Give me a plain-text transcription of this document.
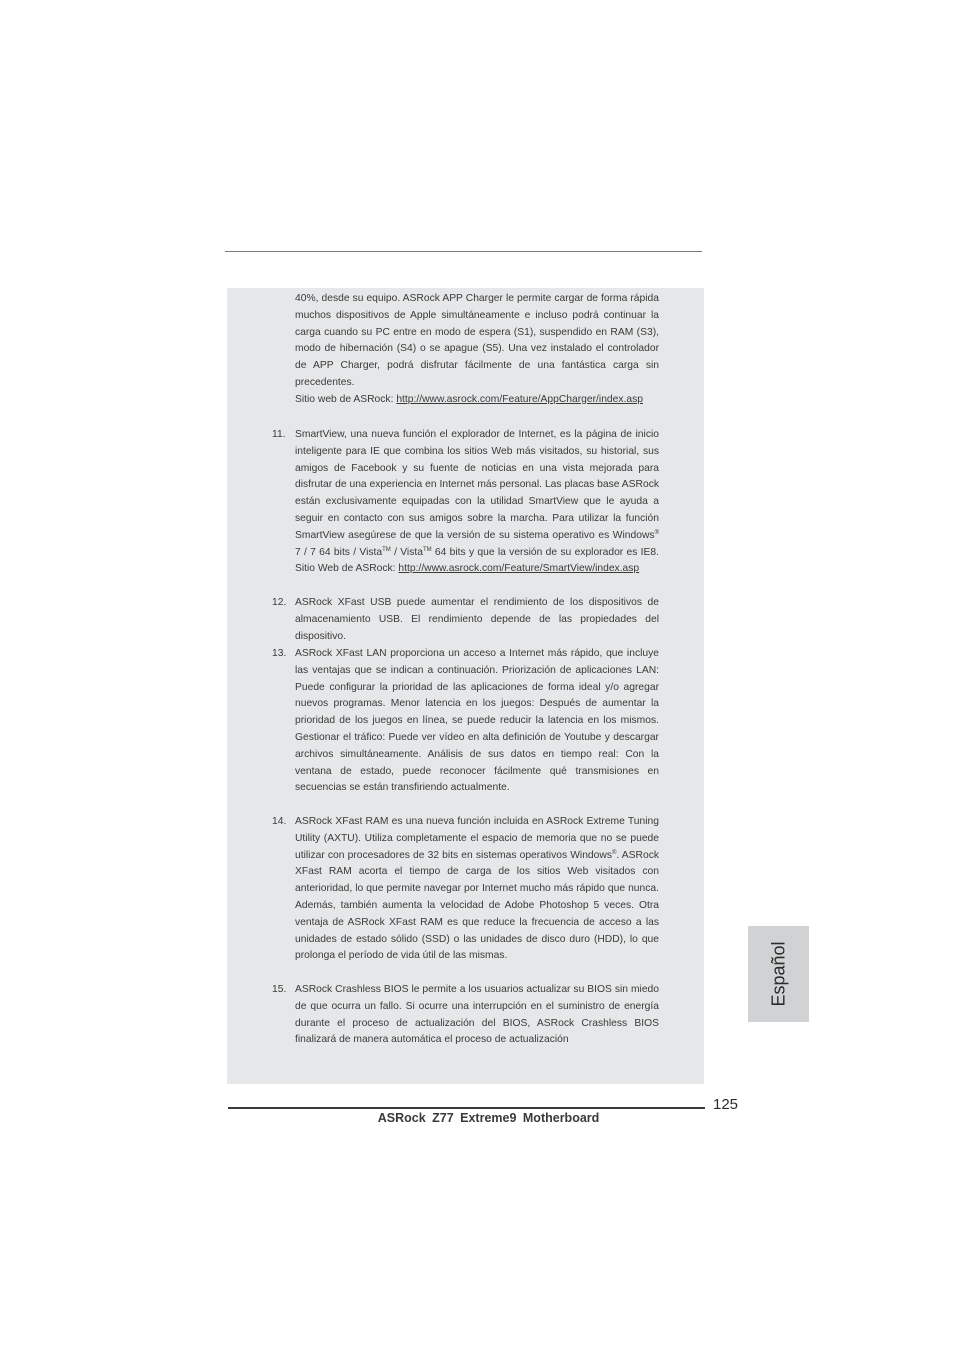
40%, desde su equipo. ASRock APP Charger le permite cargar de forma rápida muchos dispositivos de Apple simultáneamente e incluso podrá continuar la carga cuando su PC entre en modo de espera (S1), suspendido en RAM (S3), modo de hibernación (S4) o se apague (S5). Una vez instalado el controlador de APP Charger, podrá disfrutar fácilmente de una fantástica carga sin precedentes.
Sitio web de ASRock: http://www.asrock.com/Feature/AppCharger/index.asp
11. SmartView, una nueva función el explorador de Internet, es la página de inicio inteligente para IE que combina los sitios Web más visitados, su historial, sus amigos de Facebook y su fuente de noticias en una vista mejorada para disfrutar de una experiencia en Internet más personal. Las placas base ASRock están exclusivamente equipadas con la utilidad SmartView que le ayuda a seguir en contacto con sus amigos sobre la marcha. Para utilizar la función SmartView asegúrese de que la versión de su sistema operativo es Windows® 7 / 7 64 bits / Vista™ / Vista™ 64 bits y que la versión de su explorador es IE8. Sitio Web de ASRock: http://www.asrock.com/Feature/SmartView/index.asp
12. ASRock XFast USB puede aumentar el rendimiento de los dispositivos de almacenamiento USB. El rendimiento depende de las propiedades del dispositivo.
13. ASRock XFast LAN proporciona un acceso a Internet más rápido, que incluye las ventajas que se indican a continuación. Priorización de aplicaciones LAN: Puede configurar la prioridad de las aplicaciones de forma ideal y/o agregar nuevos programas. Menor latencia en los juegos: Después de aumentar la prioridad de los juegos en línea, se puede reducir la latencia en los mismos. Gestionar el tráfico: Puede ver vídeo en alta definición de Youtube y descargar archivos simultáneamente. Análisis de sus datos en tiempo real: Con la ventana de estado, puede reconocer fácilmente qué transmisiones en secuencias se están transfiriendo actualmente.
14. ASRock XFast RAM es una nueva función incluida en ASRock Extreme Tuning Utility (AXTU). Utiliza completamente el espacio de memoria que no se puede utilizar con procesadores de 32 bits en sistemas operativos Windows®. ASRock XFast RAM acorta el tiempo de carga de los sitios Web visitados con anterioridad, lo que permite navegar por Internet mucho más rápido que nunca. Además, también aumenta la velocidad de Adobe Photoshop 5 veces. Otra ventaja de ASRock XFast RAM es que reduce la frecuencia de acceso a las unidades de estado sólido (SSD) o las unidades de disco duro (HDD), lo que prolonga el período de vida útil de las mismas.
15. ASRock Crashless BIOS le permite a los usuarios actualizar su BIOS sin miedo de que ocurra un fallo. Si ocurre una interrupción en el suministro de energía durante el proceso de actualización del BIOS, ASRock Crashless BIOS finalizará de manera automática el proceso de actualización
Español
125
ASRock Z77 Extreme9 Motherboard
